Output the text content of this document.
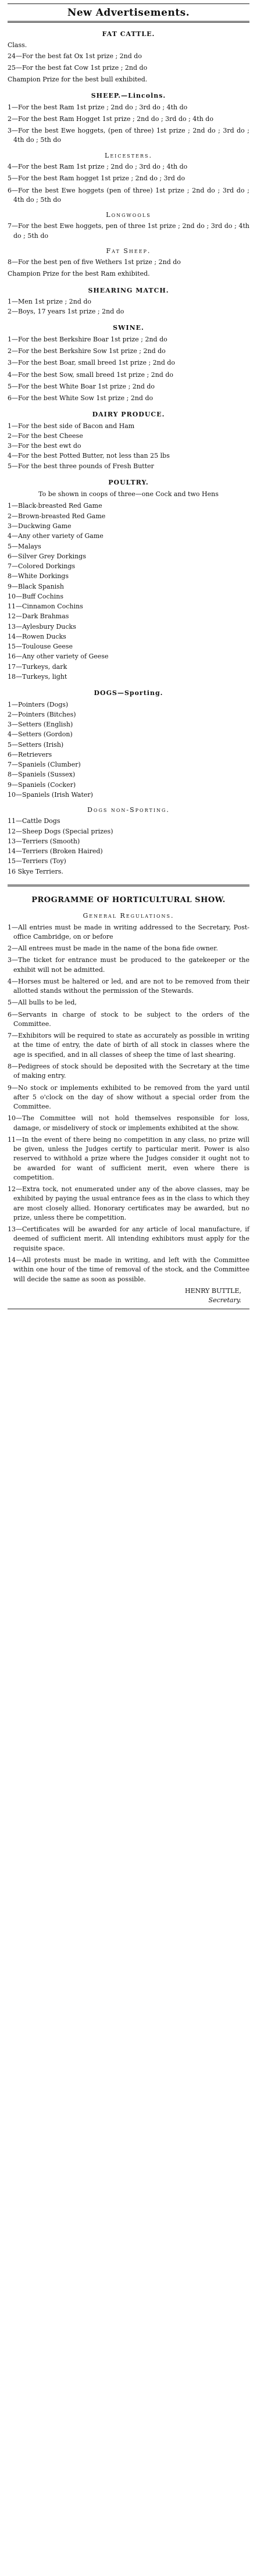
New Advertisements.
FAT CATTLE.
Class.

24—For the best fat Ox 1st prize ; 2nd do

25—For the best fat Cow 1st prize ; 2nd do

Champion Prize for the best bull exhibited.

SHEEP.—Lincolns.

1—For the best Ram 1st prize ; 2nd do ; 3rd do ; 4th do

2—For the best Ram Hogget 1st prize ; 2nd do ; 3rd do ; 4th do

3—For the best Ewe hoggets, (pen of three) 1st prize ; 2nd do ; 3rd do ; 4th do ; 5th do

Leicesters.

4—For the best Ram 1st prize ; 2nd do ; 3rd do ; 4th do

5—For the best Ram hogget 1st prize ; 2nd do ; 3rd do

6—For the best Ewe hoggets (pen of three) 1st prize ; 2nd do ; 3rd do ; 4th do ; 5th do

Longwools

7—For the best Ewe hoggets, pen of three 1st prize ; 2nd do ; 3rd do ; 4th do ; 5th do

Fat Sheep.

8—For the best pen of five Wethers 1st prize ; 2nd do

Champion Prize for the best Ram exhibited.

SHEARING MATCH.

1—Men 1st prize ; 2nd do

2—Boys, 17 years 1st prize ; 2nd do

SWINE.

1—For the best Berkshire Boar 1st prize ; 2nd do

2—For the best Berkshire Sow 1st prize ; 2nd do

3—For the best Boar, small breed 1st prize ; 2nd do

4—For the best Sow, small breed 1st prize ; 2nd do

5—For the best White Boar 1st prize ; 2nd do

6—For the best White Sow 1st prize ; 2nd do

DAIRY PRODUCE.

1—For the best side of Bacon and Ham

2—For the best Cheese

3—For the best ewt do

4—For the best Potted Butter, not less than 25 lbs

5—For the best three pounds of Fresh Butter

POULTRY.
To be shown in coops of three—one Cock and two Hens

1—Black-breasted Red Game

2—Brown-breasted Red Game

3—Duckwing Game

4—Any other variety of Game

5—Malays

6—Silver Grey Dorkings

7—Colored Dorkings

8—White Dorkings

9—Black Spanish

10—Buff Cochins

11—Cinnamon Cochins

12—Dark Brahmas

13—Aylesbury Ducks

14—Rowen Ducks

15—Toulouse Geese

16—Any other variety of Geese

17—Turkeys, dark

18—Turkeys, light

DOGS—Sporting.

1—Pointers (Dogs)

2—Pointers (Bitches)

3—Setters (English)

4—Setters (Gordon)

5—Setters (Irish)

6—Retrievers

7—Spaniels (Clumber)

8—Spaniels (Sussex)

9—Spaniels (Cocker)

10—Spaniels (Irish Water)

Dogs non-Sporting.

11—Cattle Dogs

12—Sheep Dogs (Special prizes)

13—Terriers (Smooth)

14—Terriers (Broken Haired)

15—Terriers (Toy)

16 Skye Terriers.

PROGRAMME OF HORTICULTURAL SHOW.
General Regulations.

1—All entries must be made in writing addressed to the Secretary, Post-office Cambridge, on or before

2—All entrees must be made in the name of the bona fide owner.

3—The ticket for entrance must be produced to the gatekeeper or the exhibit will not be admitted.

4—Horses must be haltered or led, and are not to be removed from their allotted stands without the permission of the Stewards.

5—All bulls to be led,

6—Servants in charge of stock to be subject to the orders of the Committee.

7—Exhibitors will be required to state as accurately as possible in writing at the time of entry, the date of birth of all stock in classes where the age is specified, and in all classes of sheep the time of last shearing.

8—Pedigrees of stock should be deposited with the Secretary at the time of making entry.

9—No stock or implements exhibited to be removed from the yard until after 5 o'clock on the day of show without a special order from the Committee.

10—The Committee will not hold themselves responsible for loss, damage, or misdelivery of stock or implements exhibited at the show.

11—In the event of there being no competition in any class, no prize will be given, unless the Judges certify to particular merit. Power is also reserved to withhold a prize where the Judges consider it ought not to be awarded for want of sufficient merit, even where there is competition.

12—Extra tock, not enumerated under any of the above classes, may be exhibited by paying the usual entrance fees as in the class to which they are most closely allied. Honorary certificates may be awarded, but no prize, unless there be competition.

13—Certificates will be awarded for any article of local manufacture, if deemed of sufficient merit. All intending exhibitors must apply for the requisite space.

14—All protests must be made in writing, and left with the Committee within one hour of the time of removal of the stock, and the Committee will decide the same as soon as possible.

HENRY BUTTLE,
Secretary.
